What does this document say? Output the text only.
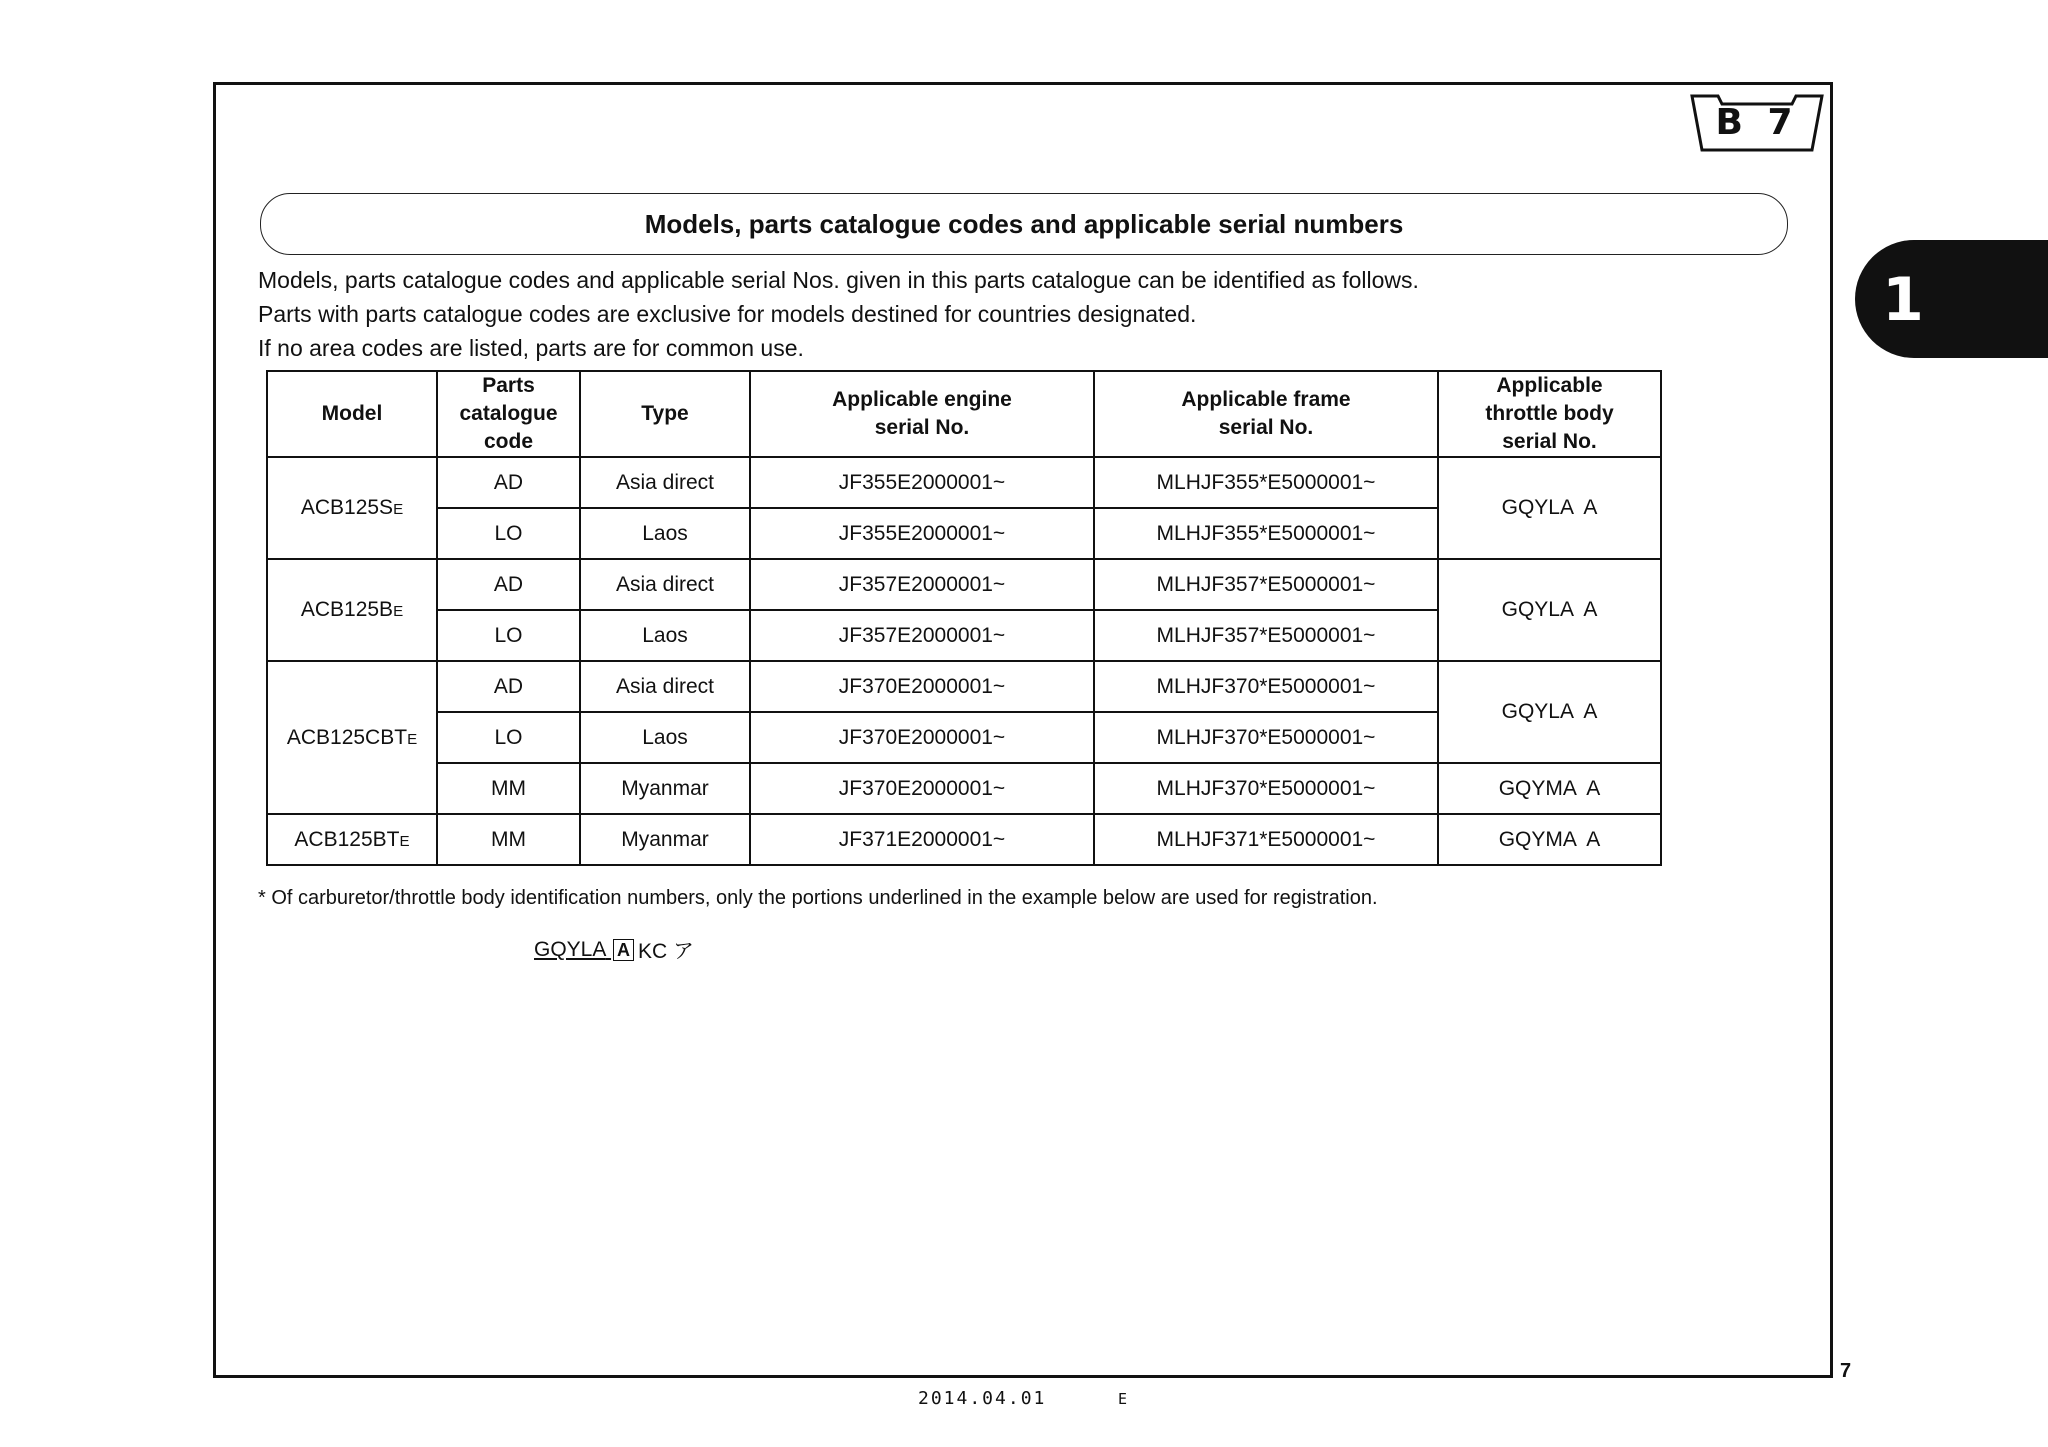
B 7
1
Models, parts catalogue codes and applicable serial numbers
Models, parts catalogue codes and applicable serial Nos. given in this parts catalogue can be identified as follows.
Parts with parts catalogue codes are exclusive for models destined for countries designated.
If no area codes are listed, parts are for common use.
Model	Parts catalogue code	Type	Applicable engine serial No.	Applicable frame serial No.	Applicable throttle body serial No.
ACB125SE	AD	Asia direct	JF355E2000001~	MLHJF355*E5000001~	GQYLA  A
	LO	Laos	JF355E2000001~	MLHJF355*E5000001~	
ACB125BE	AD	Asia direct	JF357E2000001~	MLHJF357*E5000001~	GQYLA  A
	LO	Laos	JF357E2000001~	MLHJF357*E5000001~	
ACB125CBTE	AD	Asia direct	JF370E2000001~	MLHJF370*E5000001~	GQYLA  A
	LO	Laos	JF370E2000001~	MLHJF370*E5000001~	
	MM	Myanmar	JF370E2000001~	MLHJF370*E5000001~	GQYMA  A
ACB125BTE	MM	Myanmar	JF371E2000001~	MLHJF371*E5000001~	GQYMA  A
* Of carburetor/throttle body identification numbers, only the portions underlined in the example below are used for registration.
GQYLA A KC ア
7
2014.04.01	E
